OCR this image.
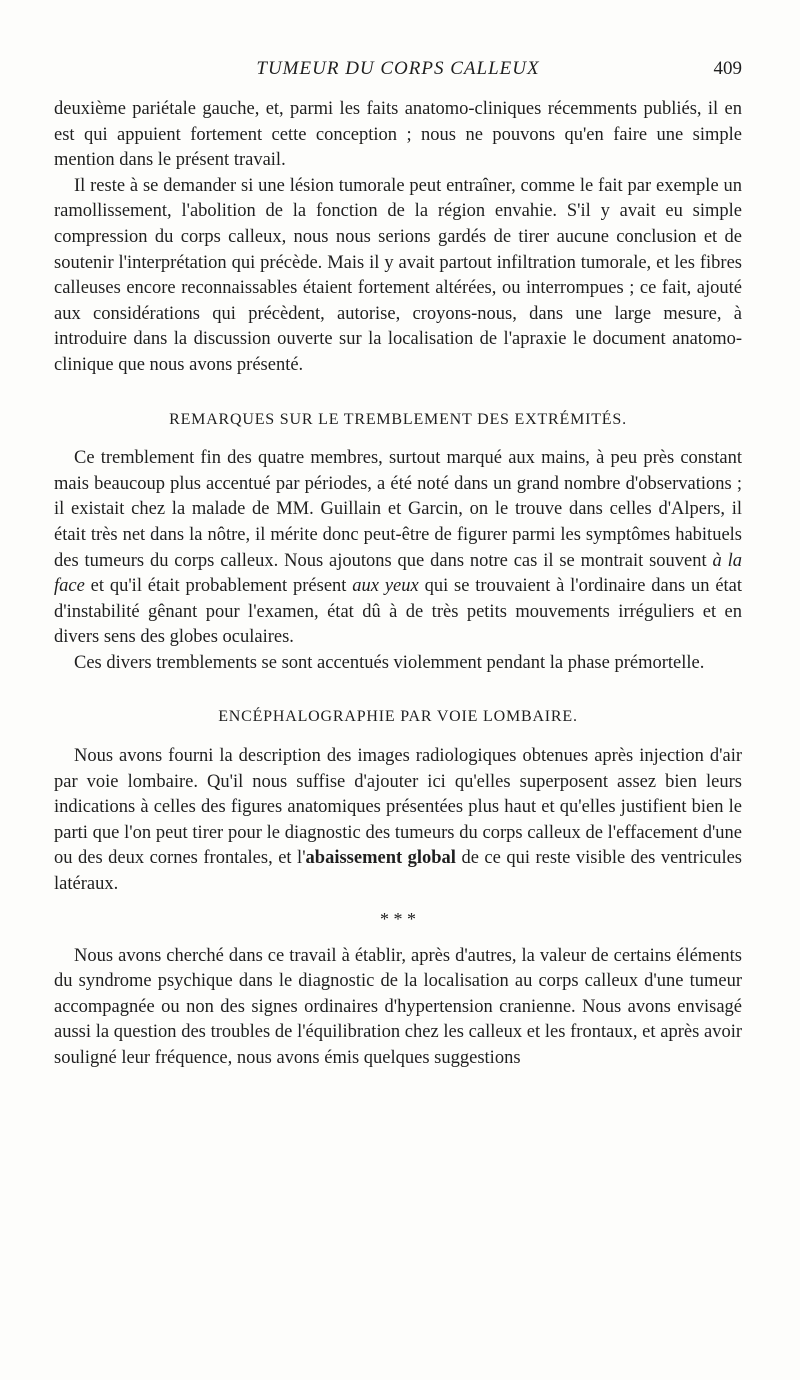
TUMEUR DU CORPS CALLEUX	409

deuxième pariétale gauche, et, parmi les faits anatomo-cliniques récemments publiés, il en est qui appuient fortement cette conception ; nous ne pouvons qu'en faire une simple mention dans le présent travail.

Il reste à se demander si une lésion tumorale peut entraîner, comme le fait par exemple un ramollissement, l'abolition de la fonction de la région envahie. S'il y avait eu simple compression du corps calleux, nous nous serions gardés de tirer aucune conclusion et de soutenir l'interprétation qui précède. Mais il y avait partout infiltration tumorale, et les fibres calleuses encore reconnaissables étaient fortement altérées, ou interrompues ; ce fait, ajouté aux considérations qui précèdent, autorise, croyons-nous, dans une large mesure, à introduire dans la discussion ouverte sur la localisation de l'apraxie le document anatomo-clinique que nous avons présenté.

REMARQUES SUR LE TREMBLEMENT DES EXTRÉMITÉS.

Ce tremblement fin des quatre membres, surtout marqué aux mains, à peu près constant mais beaucoup plus accentué par périodes, a été noté dans un grand nombre d'observations ; il existait chez la malade de MM. Guillain et Garcin, on le trouve dans celles d'Alpers, il était très net dans la nôtre, il mérite donc peut-être de figurer parmi les symptômes habituels des tumeurs du corps calleux. Nous ajoutons que dans notre cas il se montrait souvent à la face et qu'il était probablement présent aux yeux qui se trouvaient à l'ordinaire dans un état d'instabilité gênant pour l'examen, état dû à de très petits mouvements irréguliers et en divers sens des globes oculaires.

Ces divers tremblements se sont accentués violemment pendant la phase prémortelle.

ENCÉPHALOGRAPHIE PAR VOIE LOMBAIRE.

Nous avons fourni la description des images radiologiques obtenues après injection d'air par voie lombaire. Qu'il nous suffise d'ajouter ici qu'elles superposent assez bien leurs indications à celles des figures anatomiques présentées plus haut et qu'elles justifient bien le parti que l'on peut tirer pour le diagnostic des tumeurs du corps calleux de l'effacement d'une ou des deux cornes frontales, et l'abaissement global de ce qui reste visible des ventricules latéraux.

* * *

Nous avons cherché dans ce travail à établir, après d'autres, la valeur de certains éléments du syndrome psychique dans le diagnostic de la localisation au corps calleux d'une tumeur accompagnée ou non des signes ordinaires d'hypertension cranienne. Nous avons envisagé aussi la question des troubles de l'équilibration chez les calleux et les frontaux, et après avoir souligné leur fréquence, nous avons émis quelques suggestions
